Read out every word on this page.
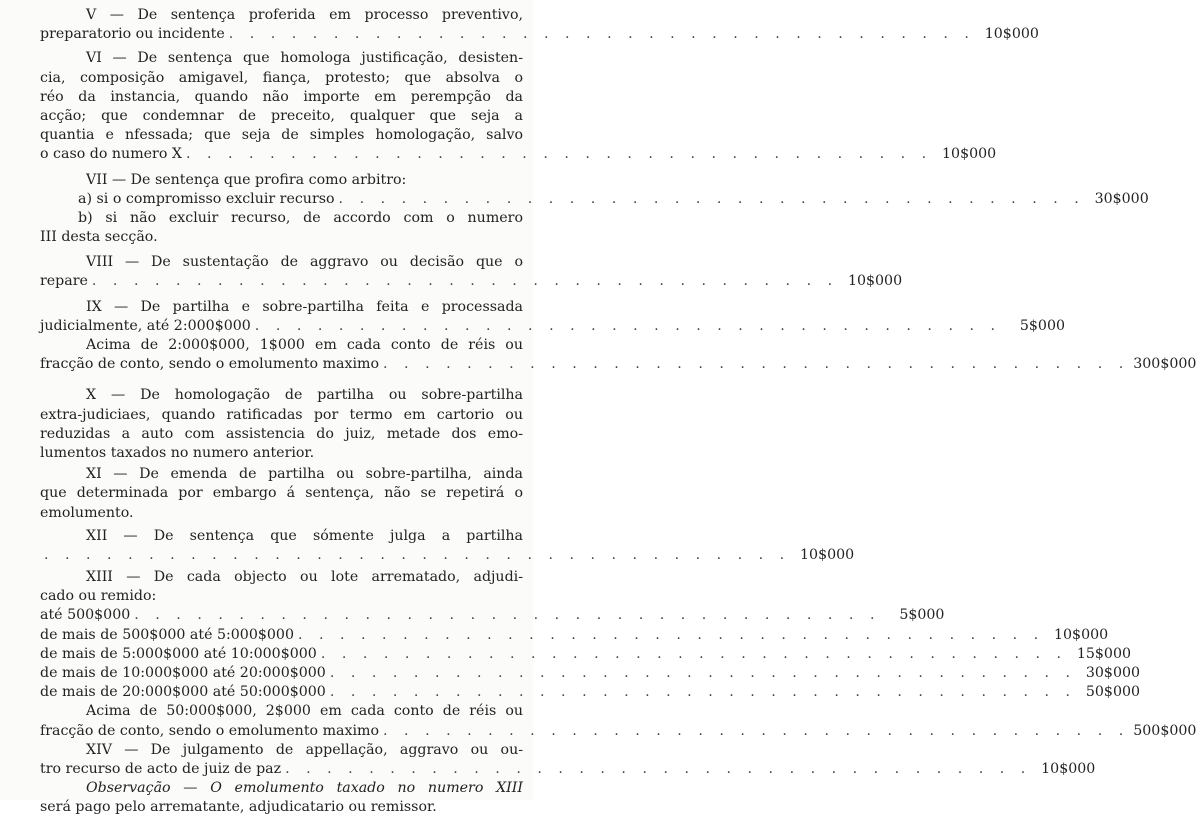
V — De sentença proferida em processo preventivo,
preparatorio ou incidente . . . . . . . . . . . . . . . . . . . . . . . . . . . . . . . . . . . . 10$000
VI — De sentença que homologa justificação, desisten-
cia, composição amigavel, fiança, protesto; que absolva o
réo da instancia, quando não importe em perempção da
acção; que condemnar de preceito, qualquer que seja a
quantia e nfessada; que seja de simples homologação, salvo
o caso do numero X . . . . . . . . . . . . . . . . . . . . . . . . . . . . . . . . . . . . 10$000
VII — De sentença que profira como arbitro:
a) si o compromisso excluir recurso . . . . . . . . . . . . . . . . . . . . . . . . . . . . . . . . . . . . 30$000
b) si não excluir recurso, de accordo com o numero
III desta secção.
VIII — De sustentação de aggravo ou decisão que o
repare . . . . . . . . . . . . . . . . . . . . . . . . . . . . . . . . . . . . 10$000
IX — De partilha e sobre-partilha feita e processada
judicialmente, até 2:000$000 . . . . . . . . . . . . . . . . . . . . . . . . . . . . . . . . . . . .	5$000
Acima de 2:000$000, 1$000 em cada conto de réis ou
fracção de conto, sendo o emolumento maximo . . . . . . . . . . . . . . . . . . . . . . . . . . . . . . . . . . . . 300$000
X — De homologação de partilha ou sobre-partilha
extra-judiciaes, quando ratificadas por termo em cartorio ou
reduzidas a auto com assistencia do juiz, metade dos emo-
lumentos taxados no numero anterior.
XI — De emenda de partilha ou sobre-partilha, ainda
que determinada por embargo á sentença, não se repetirá o
emolumento.
XII — De sentença que sómente julga a partilha
. . . . . . . . . . . . . . . . . . . . . . . . . . . . . . . . . . . . 10$000
XIII — De cada objecto ou lote arrematado, adjudi-
cado ou remido:
até 500$000 . . . . . . . . . . . . . . . . . . . . . . . . . . . . . . . . . . . .	5$000
de mais de 500$000 até 5:000$000 . . . . . . . . . . . . . . . . . . . . . . . . . . . . . . . . . . . . 10$000
de mais de 5:000$000 até 10:000$000 . . . . . . . . . . . . . . . . . . . . . . . . . . . . . . . . . . . . 15$000
de mais de 10:000$000 até 20:000$000 . . . . . . . . . . . . . . . . . . . . . . . . . . . . . . . . . . . . 30$000
de mais de 20:000$000 até 50:000$000 . . . . . . . . . . . . . . . . . . . . . . . . . . . . . . . . . . . . 50$000
Acima de 50:000$000, 2$000 em cada conto de réis ou
fracção de conto, sendo o emolumento maximo . . . . . . . . . . . . . . . . . . . . . . . . . . . . . . . . . . . . 500$000
XIV — De julgamento de appellação, aggravo ou ou-
tro recurso de acto de juiz de paz . . . . . . . . . . . . . . . . . . . . . . . . . . . . . . . . . . . . 10$000
Observação — O emolumento taxado no numero XIII
será pago pelo arrematante, adjudicatario ou remissor.
